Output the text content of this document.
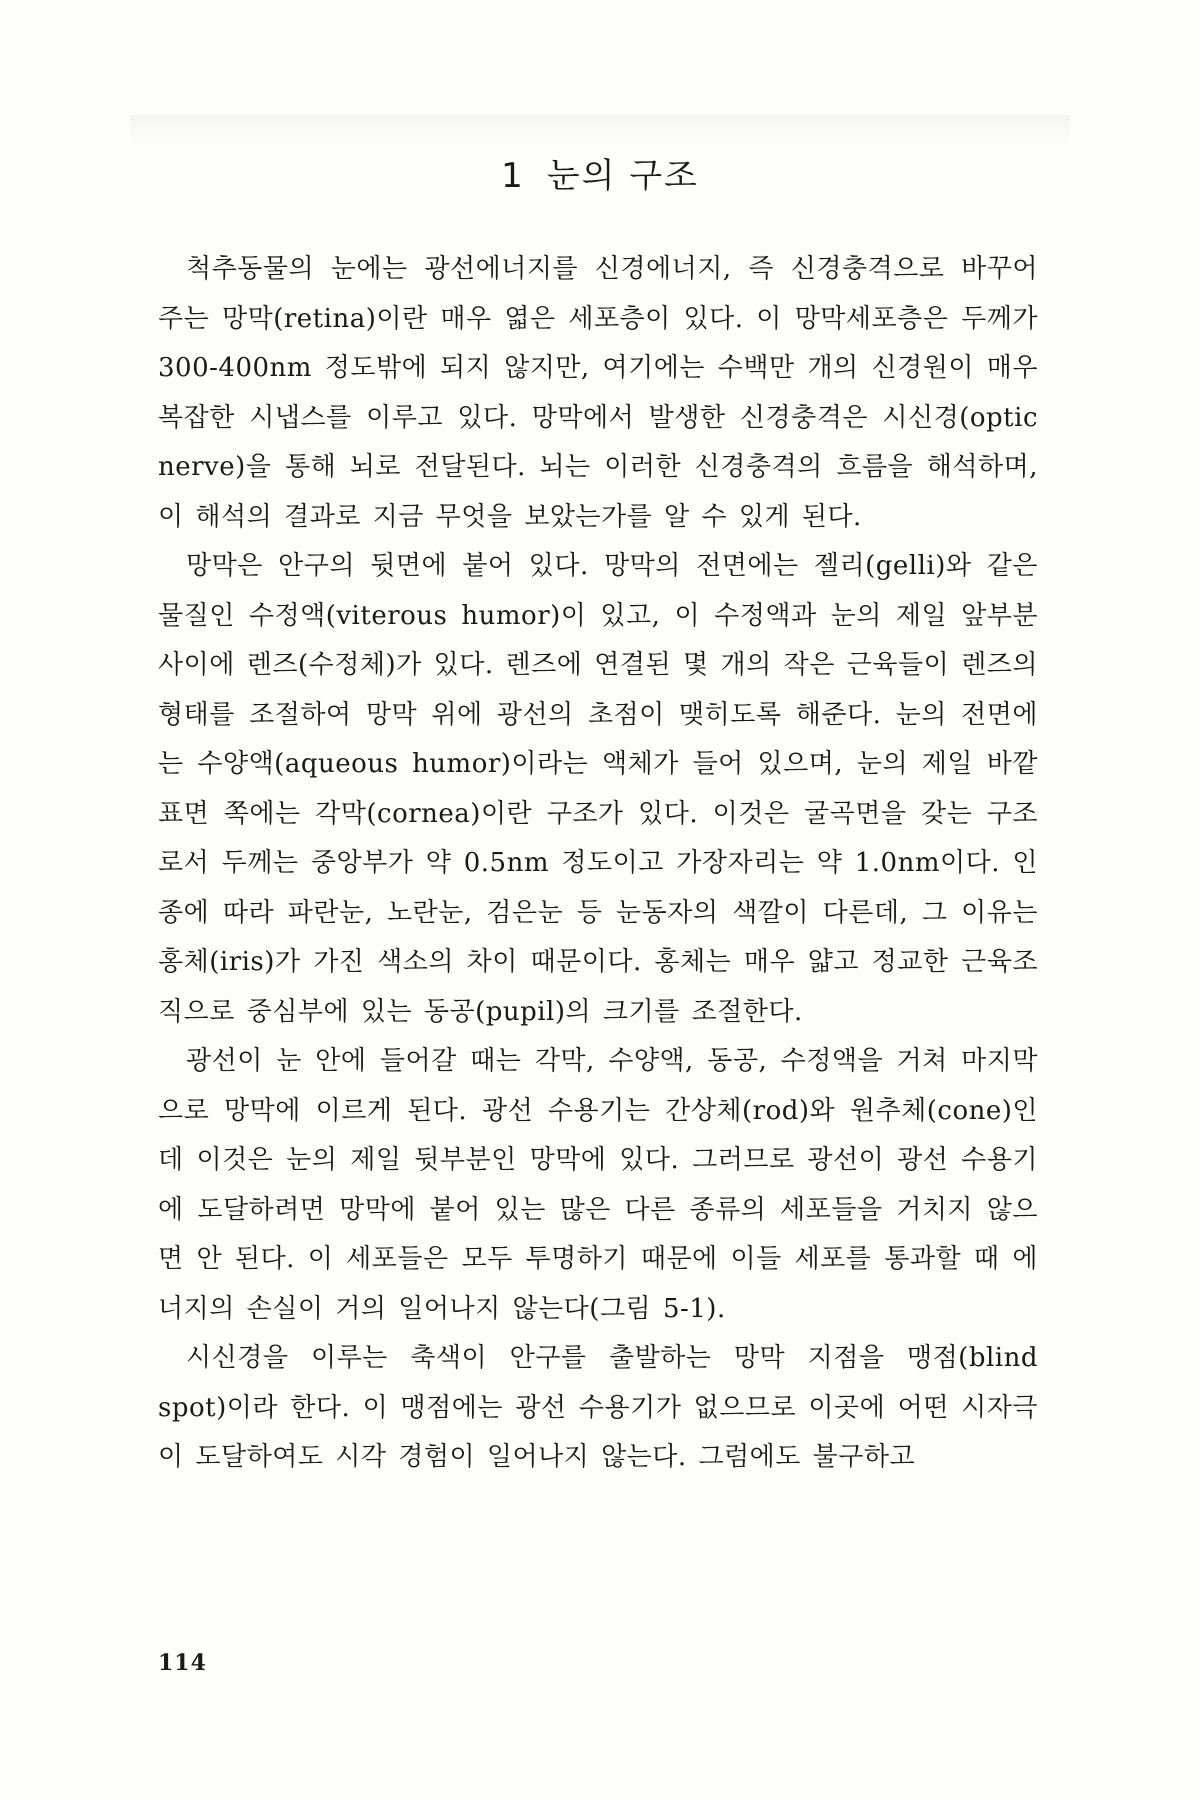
1 눈의 구조

척추동물의 눈에는 광선에너지를 신경에너지, 즉 신경충격으로 바꾸어 주는 망막(retina)이란 매우 엷은 세포층이 있다. 이 망막세포층은 두께가 300-400nm 정도밖에 되지 않지만, 여기에는 수백만 개의 신경원이 매우 복잡한 시냅스를 이루고 있다. 망막에서 발생한 신경충격은 시신경(optic nerve)을 통해 뇌로 전달된다. 뇌는 이러한 신경충격의 흐름을 해석하며, 이 해석의 결과로 지금 무엇을 보았는가를 알 수 있게 된다.

망막은 안구의 뒷면에 붙어 있다. 망막의 전면에는 젤리(gelli)와 같은 물질인 수정액(viterous humor)이 있고, 이 수정액과 눈의 제일 앞부분 사이에 렌즈(수정체)가 있다. 렌즈에 연결된 몇 개의 작은 근육들이 렌즈의 형태를 조절하여 망막 위에 광선의 초점이 맺히도록 해준다. 눈의 전면에는 수양액(aqueous humor)이라는 액체가 들어 있으며, 눈의 제일 바깥 표면 쪽에는 각막(cornea)이란 구조가 있다. 이것은 굴곡면을 갖는 구조로서 두께는 중앙부가 약 0.5nm 정도이고 가장자리는 약 1.0nm이다. 인종에 따라 파란눈, 노란눈, 검은눈 등 눈동자의 색깔이 다른데, 그 이유는 홍체(iris)가 가진 색소의 차이 때문이다. 홍체는 매우 얇고 정교한 근육조직으로 중심부에 있는 동공(pupil)의 크기를 조절한다.

광선이 눈 안에 들어갈 때는 각막, 수양액, 동공, 수정액을 거쳐 마지막으로 망막에 이르게 된다. 광선 수용기는 간상체(rod)와 원추체(cone)인데 이것은 눈의 제일 뒷부분인 망막에 있다. 그러므로 광선이 광선 수용기에 도달하려면 망막에 붙어 있는 많은 다른 종류의 세포들을 거치지 않으면 안 된다. 이 세포들은 모두 투명하기 때문에 이들 세포를 통과할 때 에너지의 손실이 거의 일어나지 않는다(그림 5-1).

시신경을 이루는 축색이 안구를 출발하는 망막 지점을 맹점(blind spot)이라 한다. 이 맹점에는 광선 수용기가 없으므로 이곳에 어떤 시자극이 도달하여도 시각 경험이 일어나지 않는다. 그럼에도 불구하고

114
